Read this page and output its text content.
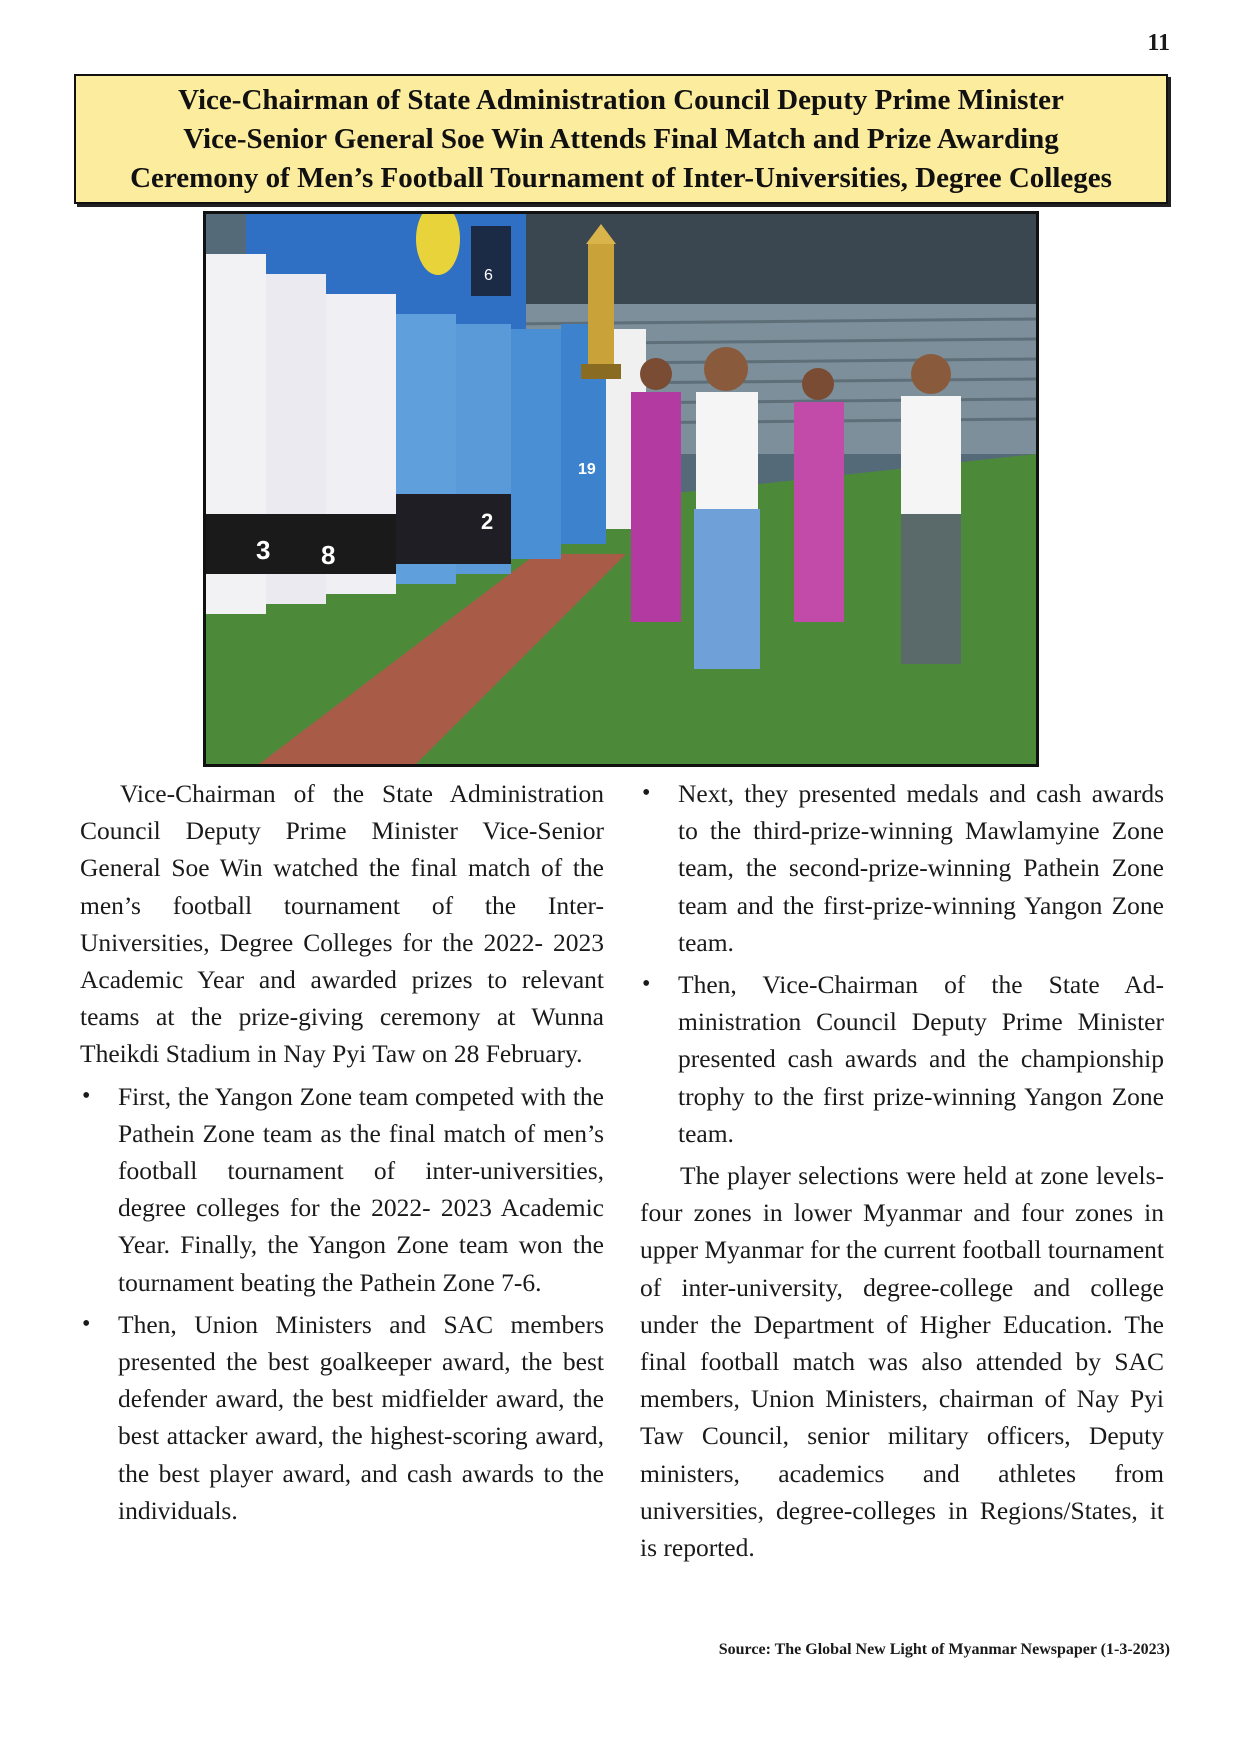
11
Vice-Chairman of State Administration Council Deputy Prime Minister
Vice-Senior General Soe Win Attends Final Match and Prize Awarding
Ceremony of Men’s Football Tournament of Inter-Universities, Degree Colleges
6
3 8
2
19

Vice-Chairman of the State Administration Council Deputy Prime Minister Vice-Senior General Soe Win watched the final match of the men’s football tournament of the Inter-Universities, Degree Colleges for the 2022- 2023 Academic Year and awarded prizes to relevant teams at the prize-giving ceremony at Wunna Theikdi Stadium in Nay Pyi Taw on 28 February.

• First, the Yangon Zone team competed with the Pathein Zone team as the final match of men’s football tournament of inter-universities, degree colleges for the 2022- 2023 Academic Year. Finally, the Yangon Zone team won the tournament beating the Pathein Zone 7-6.
• Then, Union Ministers and SAC members presented the best goalkeeper award, the best defender award, the best midfielder award, the best attacker award, the highest-scoring award, the best player award, and cash awards to the individuals.
• Next, they presented medals and cash awards to the third-prize-winning Mawlamyine Zone team, the second-prize-winning Pathein Zone team and the first-prize-winning Yangon Zone team.
• Then, Vice-Chairman of the State Administration Council Deputy Prime Minister presented cash awards and the championship trophy to the first prize-winning Yangon Zone team.

The player selections were held at zone levels- four zones in lower Myanmar and four zones in upper Myanmar for the current football tournament of inter-university, degree-college and college under the Department of Higher Education. The final football match was also attended by SAC members, Union Ministers, chairman of Nay Pyi Taw Council, senior military officers, Deputy ministers, academics and athletes from universities, degree-colleges in Regions/States, it is reported.

Source: The Global New Light of Myanmar Newspaper (1-3-2023)
